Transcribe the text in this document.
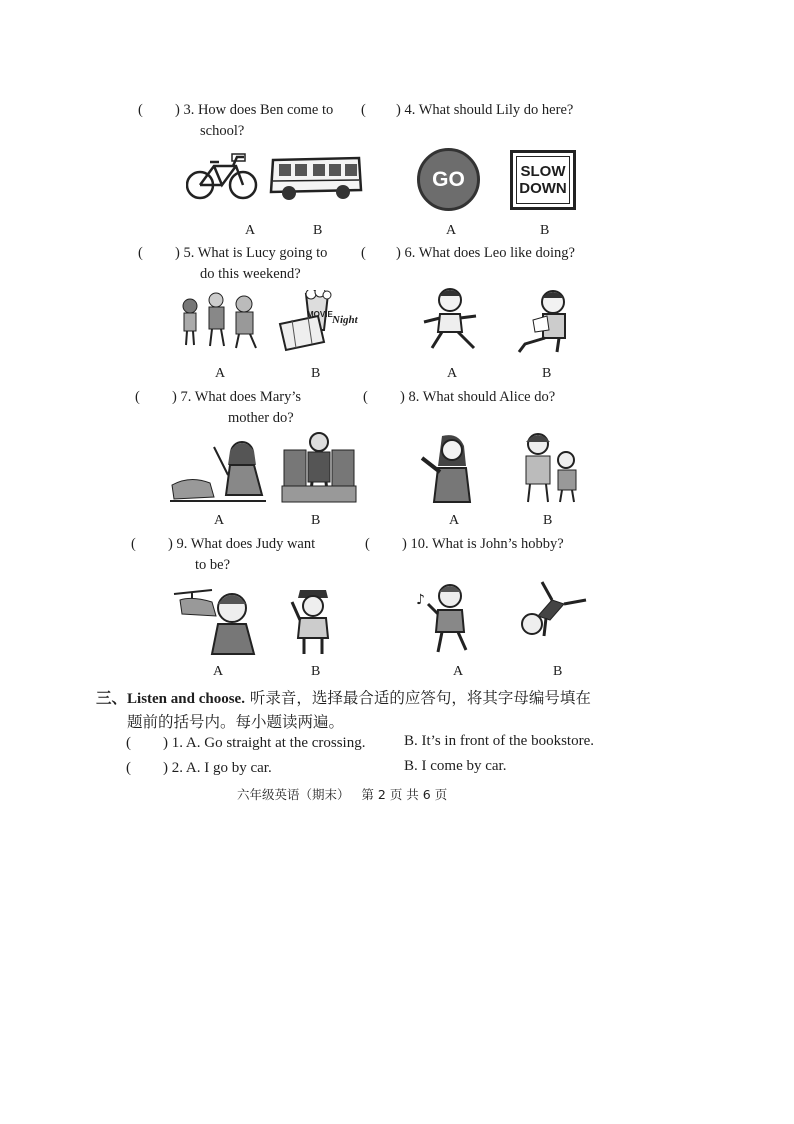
( ) 3. How does Ben come to
school?
A	B
( ) 4. What should Lily do here?
GO	SLOW
DOWN
A	B
( ) 5. What is Lucy going to
do this weekend?
MOVIE Night
A	B
( ) 6. What does Leo like doing?
A	B
( ) 7. What does Mary’s
mother do?
A	B
( ) 8. What should Alice do?
A	B
( ) 9. What does Judy want
to be?
A	B
( ) 10. What is John’s hobby?
♪
A	B
三、Listen and choose. 听录音，选择最合适的应答句，将其字母编号填在
题前的括号内。每小题读两遍。
( ) 1. A. Go straight at the crossing.	B. It’s in front of the bookstore.
( ) 2. A. I go by car.	B. I come by car.
六年级英语（期末）   第 2 页 共 6 页
